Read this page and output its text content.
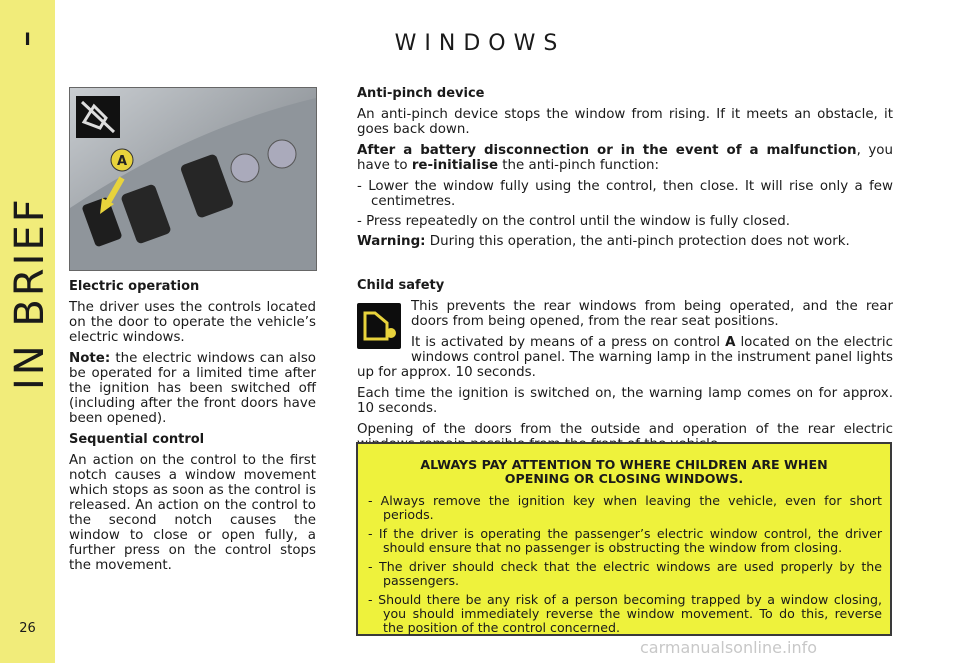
I
IN BRIEF
26
WINDOWS
A

Electric operation

The driver uses the controls located on the door to operate the vehicle’s electric windows.

Note: the electric windows can also be operated for a limited time after the ignition has been switched off (including after the front doors have been opened).

Sequential control

An action on the control to the first notch causes a window movement which stops as soon as the control is released. An action on the control to the second notch causes the window to close or open fully, a further press on the control stops the movement.

Anti-pinch device

An anti-pinch device stops the window from rising. If it meets an obstacle, it goes back down.

After a battery disconnection or in the event of a malfunction, you have to re-initialise the anti-pinch function:

- Lower the window fully using the control, then close. It will rise only a few centimetres.
- Press repeatedly on the control until the window is fully closed.

Warning: During this operation, the anti-pinch protection does not work.

Child safety

This prevents the rear windows from being operated, and the rear doors from being opened, from the rear seat positions.

It is activated by means of a press on control A located on the electric windows control panel. The warning lamp in the instrument panel lights up for approx. 10 seconds.

Each time the ignition is switched on, the warning lamp comes on for approx. 10 seconds.

Opening of the doors from the outside and operation of the rear electric

ALWAYS PAY ATTENTION TO WHERE CHILDREN ARE WHEN OPENING OR CLOSING WINDOWS.
- Always remove the ignition key when leaving the vehicle, even for short periods.
- If the driver is operating the passenger’s electric window control, the driver should ensure that no passenger is obstructing the window from closing.
- The driver should check that the electric windows are used properly by the passengers.
- Should there be any risk of a person becoming trapped by a window closing, you should immediately reverse the window movement. To do this, reverse the position of the control concerned.
carmanualsonline.info
